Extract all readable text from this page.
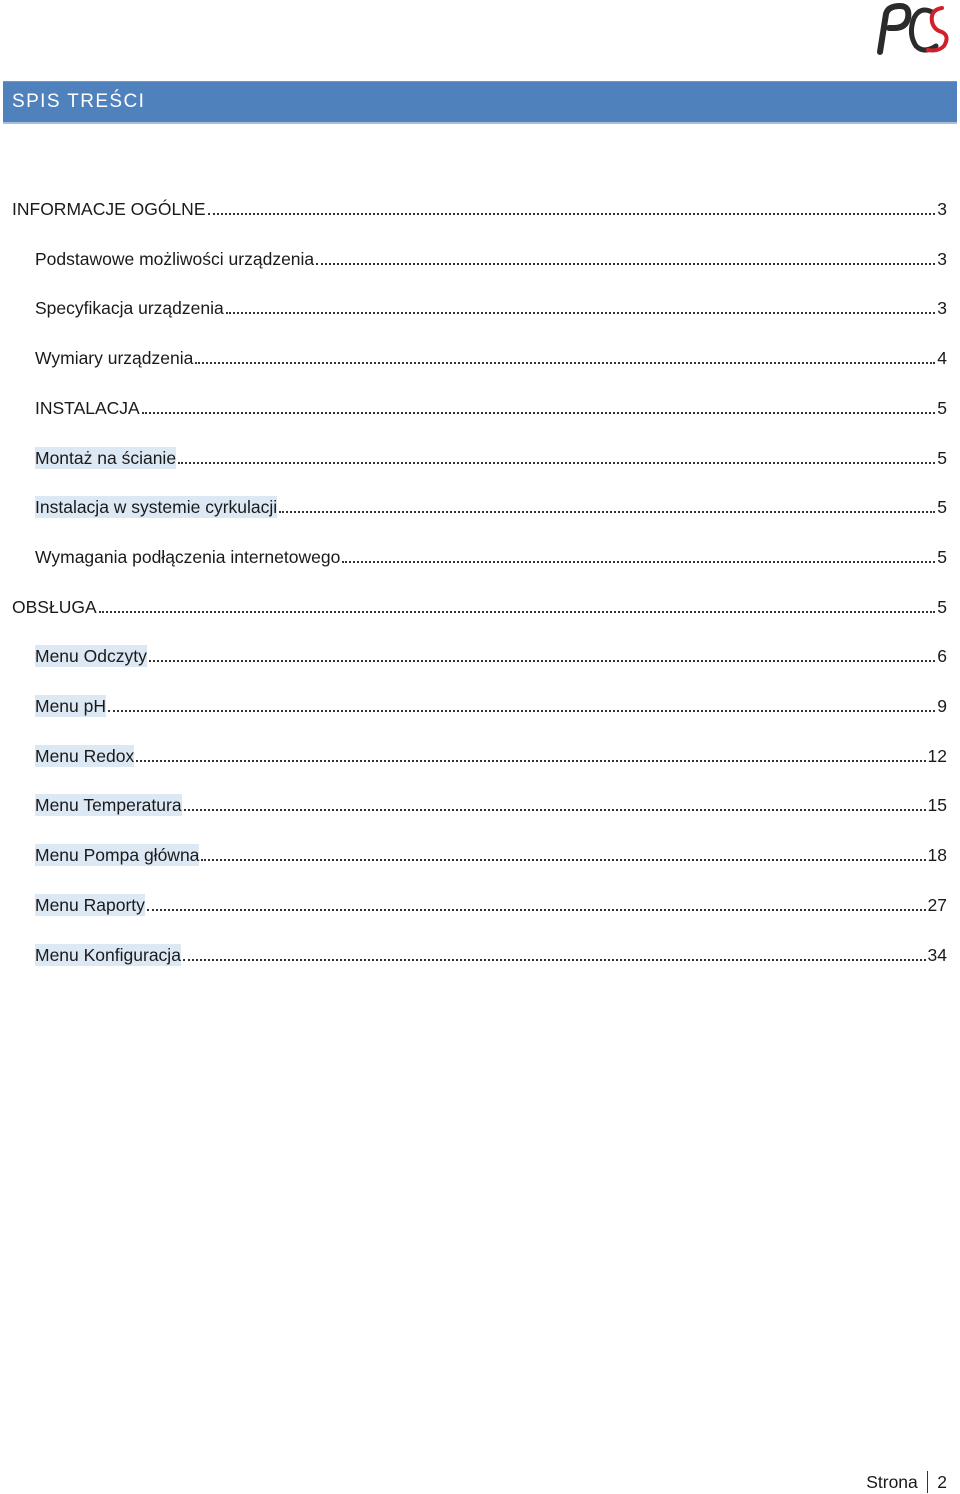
SPIS TREŚCI
INFORMACJE OGÓLNE	3
Podstawowe możliwości urządzenia	3
Specyfikacja urządzenia	3
Wymiary urządzenia	4
INSTALACJA	5
Montaż na ścianie	5
Instalacja w systemie cyrkulacji	5
Wymagania podłączenia internetowego	5
OBSŁUGA	5
Menu Odczyty	6
Menu pH	9
Menu Redox	12
Menu Temperatura	15
Menu Pompa główna	18
Menu Raporty	27
Menu Konfiguracja	34
Strona 2
